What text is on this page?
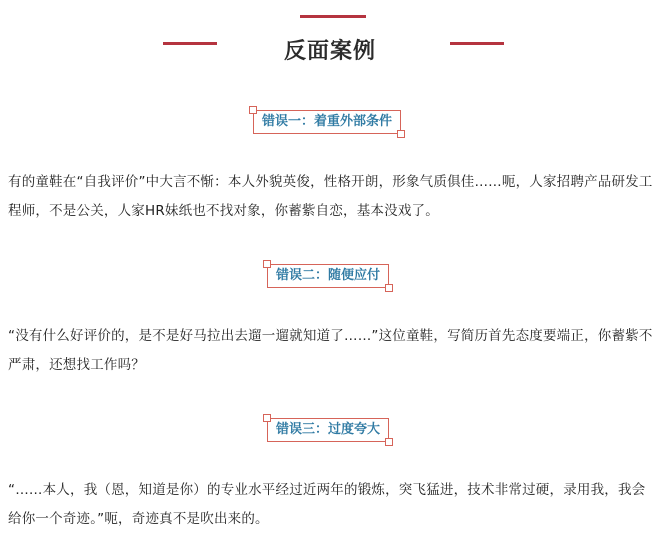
反面案例
错误一：着重外部条件

有的童鞋在“自我评价”中大言不惭：本人外貌英俊，性格开朗，形象气质俱佳……呃，人家招聘产品研发工程师，不是公关，人家HR妹纸也不找对象，你蓄紫自恋，基本没戏了。

错误二：随便应付

“没有什么好评价的，是不是好马拉出去遛一遛就知道了……”这位童鞋，写简历首先态度要端正，你蓄紫不严肃，还想找工作吗？

错误三：过度夸大

“……本人，我（恩，知道是你）的专业水平经过近两年的锻炼，突飞猛进，技术非常过硬，录用我，我会给你一个奇迹。”呃，奇迹真不是吹出来的。
